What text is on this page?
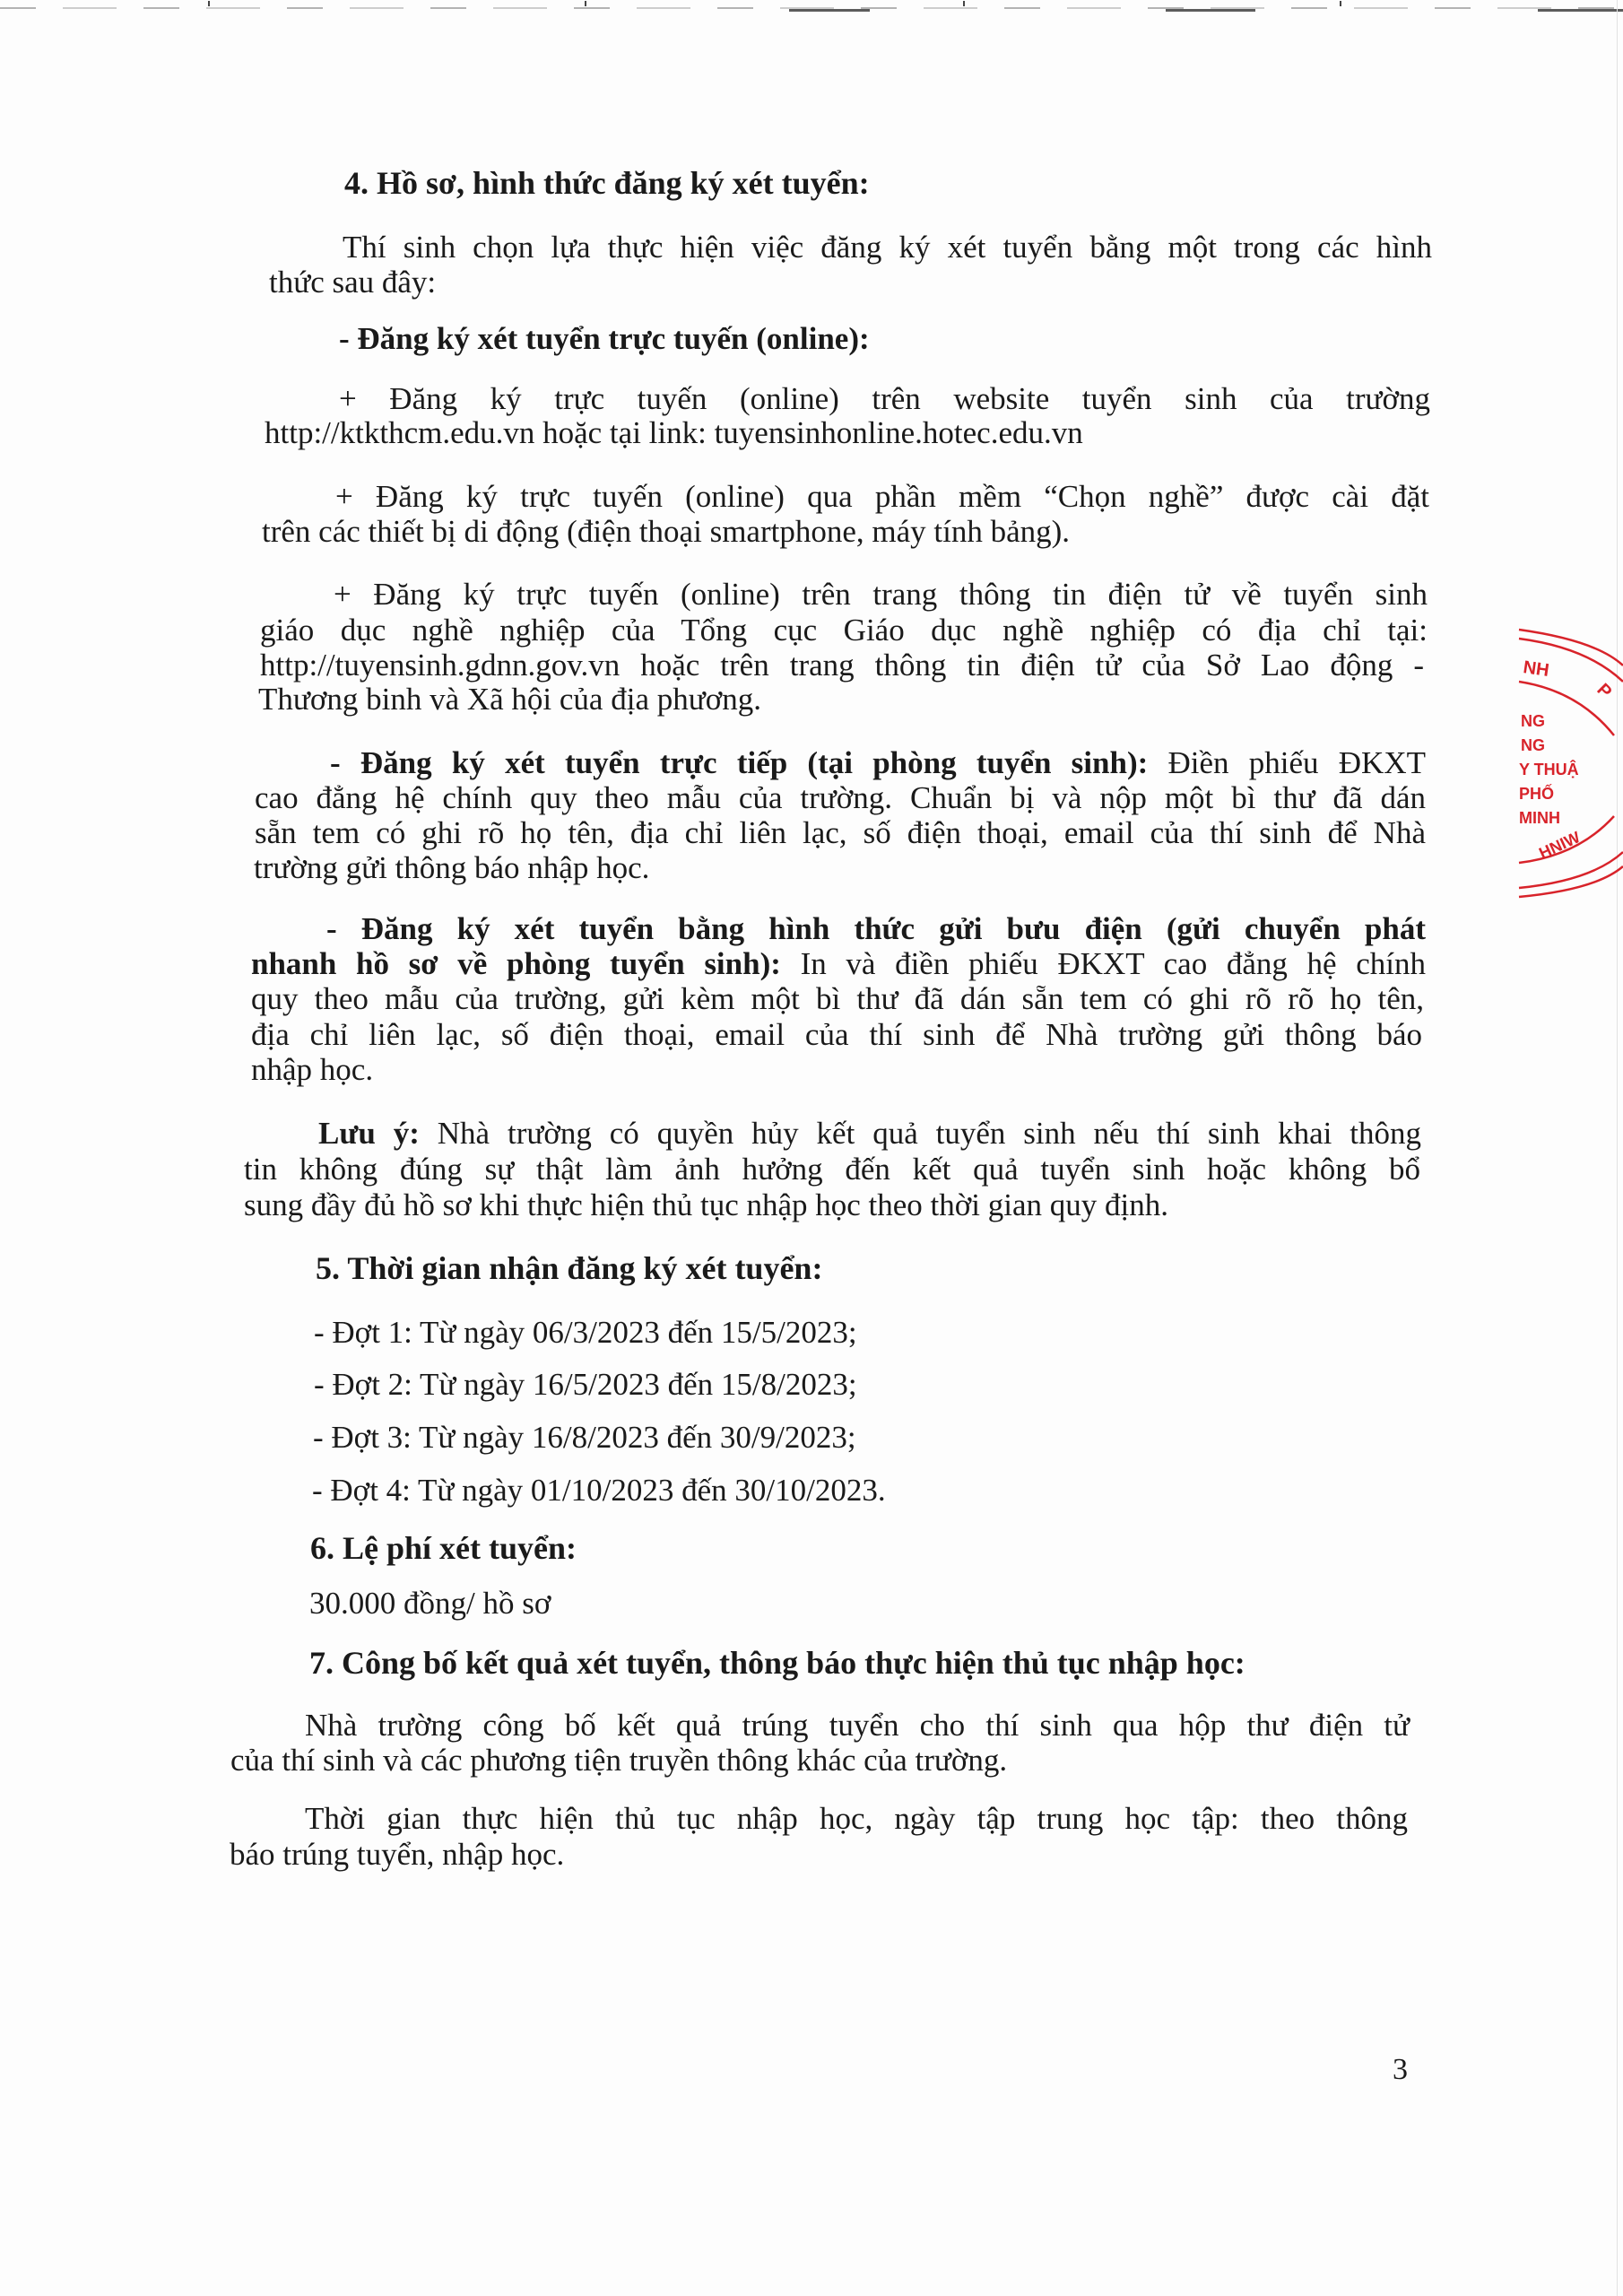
4. Hồ sơ, hình thức đăng ký xét tuyển:
Thí sinh chọn lựa thực hiện việc đăng ký xét tuyển bằng một trong các hình
thức sau đây:
- Đăng ký xét tuyển trực tuyến (online):
+ Đăng ký trực tuyến (online) trên website tuyển sinh của trường
http://ktkthcm.edu.vn hoặc tại link: tuyensinhonline.hotec.edu.vn
+ Đăng ký trực tuyến (online) qua phần mềm “Chọn nghề” được cài đặt
trên các thiết bị di động (điện thoại smartphone, máy tính bảng).
+ Đăng ký trực tuyến (online) trên trang thông tin điện tử về tuyển sinh
giáo dục nghề nghiệp của Tổng cục Giáo dục nghề nghiệp có địa chỉ tại:
http://tuyensinh.gdnn.gov.vn hoặc trên trang thông tin điện tử của Sở Lao động -
Thương binh và Xã hội của địa phương.
- Đăng ký xét tuyển trực tiếp (tại phòng tuyển sinh): Điền phiếu ĐKXT
cao đẳng hệ chính quy theo mẫu của trường. Chuẩn bị và nộp một bì thư đã dán
sẵn tem có ghi rõ họ tên, địa chỉ liên lạc, số điện thoại, email của thí sinh để Nhà
trường gửi thông báo nhập học.
- Đăng ký xét tuyển bằng hình thức gửi bưu điện (gửi chuyển phát
nhanh hồ sơ về phòng tuyển sinh): In và điền phiếu ĐKXT cao đẳng hệ chính
quy theo mẫu của trường, gửi kèm một bì thư đã dán sẵn tem có ghi rõ rõ họ tên,
địa chỉ liên lạc, số điện thoại, email của thí sinh để Nhà trường gửi thông báo
nhập học.
Lưu ý: Nhà trường có quyền hủy kết quả tuyển sinh nếu thí sinh khai thông
tin không đúng sự thật làm ảnh hưởng đến kết quả tuyển sinh hoặc không bổ
sung đầy đủ hồ sơ khi thực hiện thủ tục nhập học theo thời gian quy định.
5. Thời gian nhận đăng ký xét tuyển:
- Đợt 1: Từ ngày 06/3/2023 đến 15/5/2023;
- Đợt 2: Từ ngày 16/5/2023 đến 15/8/2023;
- Đợt 3: Từ ngày 16/8/2023 đến 30/9/2023;
- Đợt 4: Từ ngày 01/10/2023 đến 30/10/2023.
6. Lệ phí xét tuyển:
30.000 đồng/ hồ sơ
7. Công bố kết quả xét tuyển, thông báo thực hiện thủ tục nhập học:
Nhà trường công bố kết quả trúng tuyển cho thí sinh qua hộp thư điện tử
của thí sinh và các phương tiện truyền thông khác của trường.
Thời gian thực hiện thủ tục nhập học, ngày tập trung học tập: theo thông
báo trúng tuyển, nhập học.
3
NH
P
NG
NG
Y THUẬ
PHỐ
MINH
HNIW
